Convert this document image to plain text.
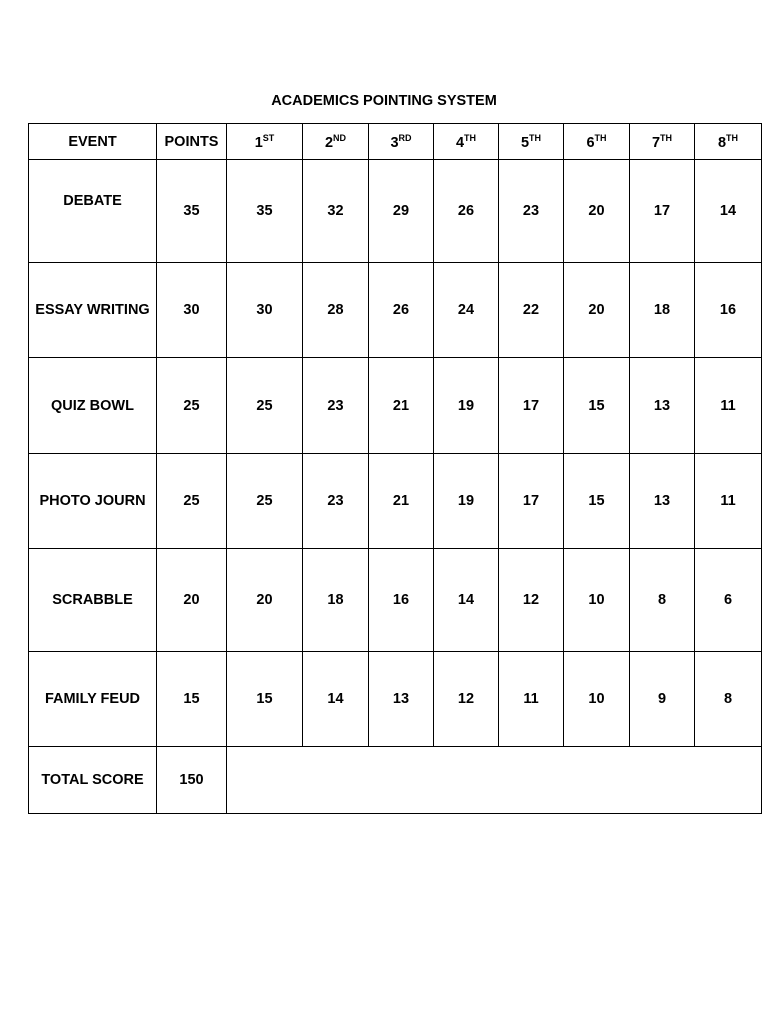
ACADEMICS POINTING SYSTEM
EVENT	POINTS	1ST	2ND	3RD	4TH	5TH	6TH	7TH	8TH
DEBATE	35	35	32	29	26	23	20	17	14
ESSAY WRITING	30	30	28	26	24	22	20	18	16
QUIZ BOWL	25	25	23	21	19	17	15	13	11
PHOTO JOURN	25	25	23	21	19	17	15	13	11
SCRABBLE	20	20	18	16	14	12	10	8	6
FAMILY FEUD	15	15	14	13	12	11	10	9	8
TOTAL SCORE	150								
